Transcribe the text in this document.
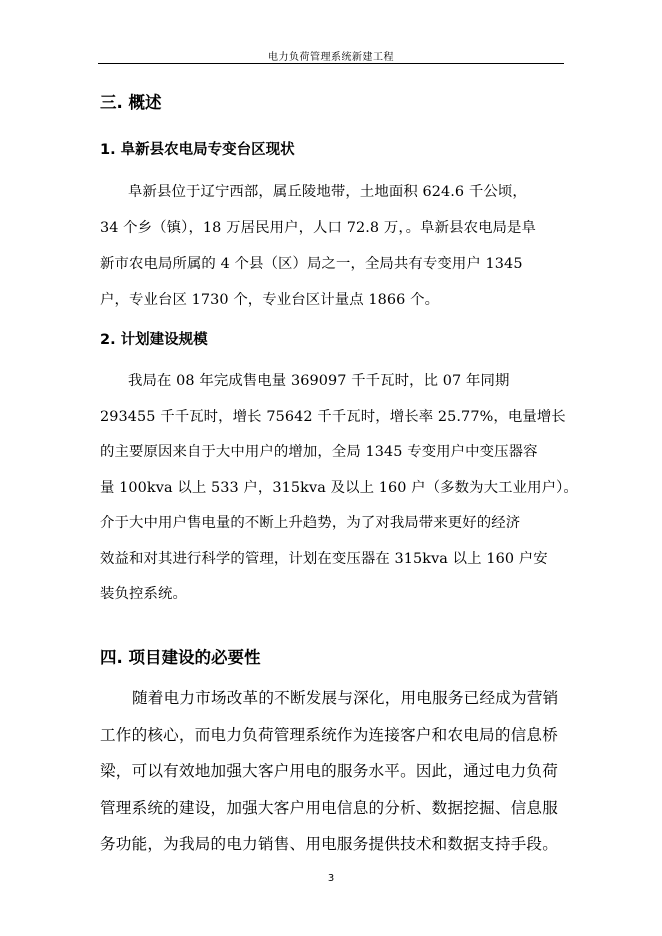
电力负荷管理系统新建工程
三. 概述
1. 阜新县农电局专变台区现状
阜新县位于辽宁西部，属丘陵地带，土地面积 624.6 千公顷，
34 个乡（镇），18 万居民用户，人口 72.8 万，。阜新县农电局是阜
新市农电局所属的 4 个县（区）局之一，全局共有专变用户 1345
户，专业台区 1730 个，专业台区计量点 1866 个。
2. 计划建设规模
我局在 08 年完成售电量 369097 千千瓦时，比 07 年同期
293455 千千瓦时，增长 75642 千千瓦时，增长率 25.77%，电量增长
的主要原因来自于大中用户的增加，全局 1345 专变用户中变压器容
量 100kva 以上 533 户，315kva 及以上 160 户（多数为大工业用户）。
介于大中用户售电量的不断上升趋势，为了对我局带来更好的经济
效益和对其进行科学的管理，计划在变压器在 315kva 以上 160 户安
装负控系统。
四. 项目建设的必要性
随着电力市场改革的不断发展与深化，用电服务已经成为营销
工作的核心，而电力负荷管理系统作为连接客户和农电局的信息桥
梁，可以有效地加强大客户用电的服务水平。因此，通过电力负荷
管理系统的建设，加强大客户用电信息的分析、数据挖掘、信息服
务功能，为我局的电力销售、用电服务提供技术和数据支持手段。
3
